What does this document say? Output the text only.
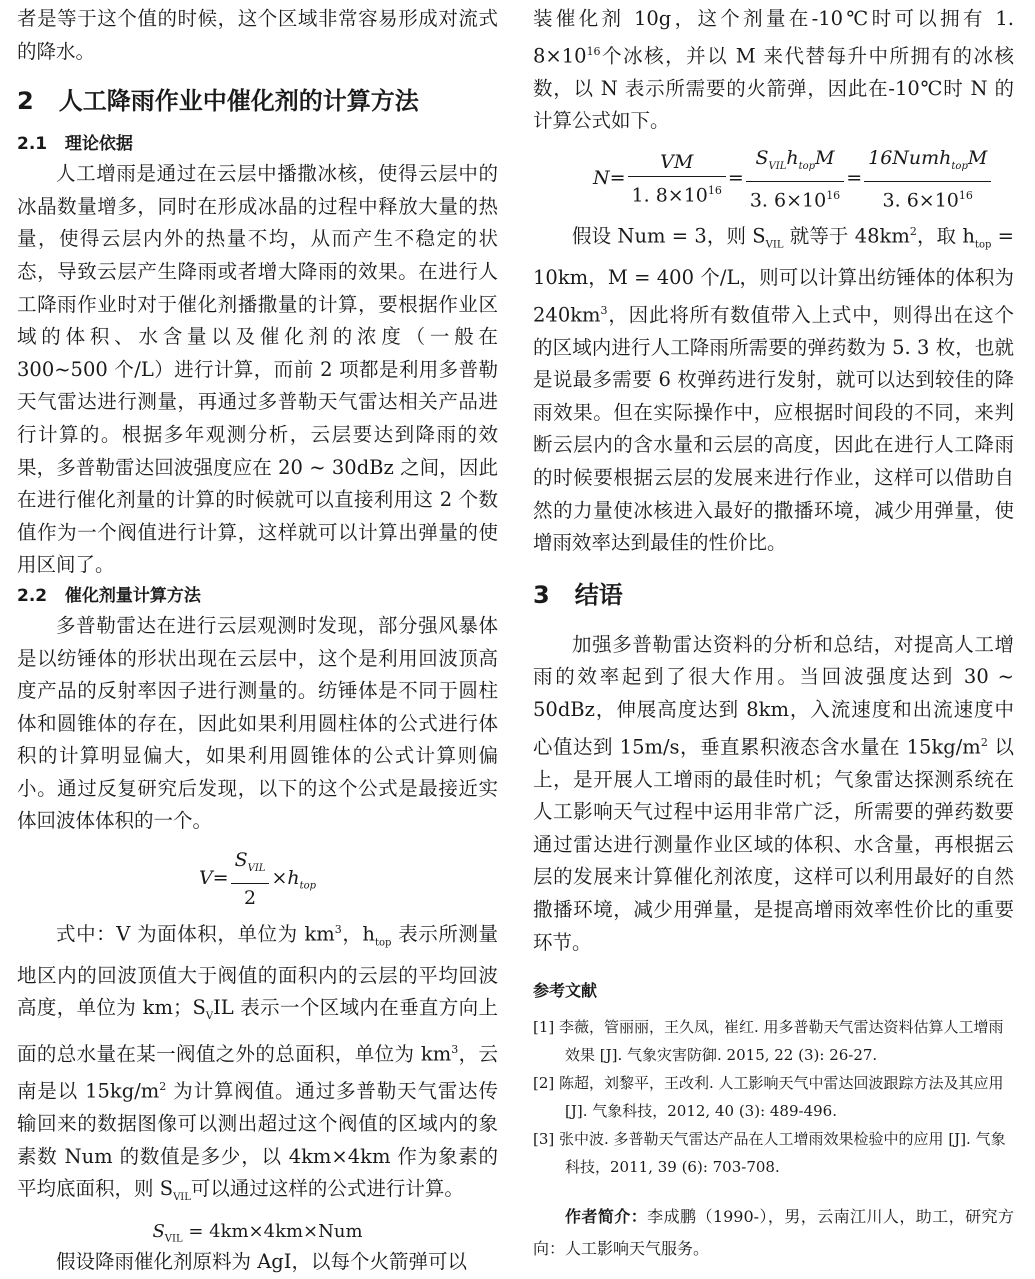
者是等于这个值的时候，这个区域非常容易形成对流式的降水。

2 人工降雨作业中催化剂的计算方法
2.1 理论依据

人工增雨是通过在云层中播撒冰核，使得云层中的冰晶数量增多，同时在形成冰晶的过程中释放大量的热量，使得云层内外的热量不均，从而产生不稳定的状态，导致云层产生降雨或者增大降雨的效果。在进行人工降雨作业时对于催化剂播撒量的计算，要根据作业区域的体积、水含量以及催化剂的浓度（一般在 300~500 个/L）进行计算，而前 2 项都是利用多普勒天气雷达进行测量，再通过多普勒天气雷达相关产品进行计算的。根据多年观测分析，云层要达到降雨的效果，多普勒雷达回波强度应在 20 ~ 30dBz 之间，因此在进行催化剂量的计算的时候就可以直接利用这 2 个数值作为一个阀值进行计算，这样就可以计算出弹量的使用区间了。

2.2 催化剂量计算方法

多普勒雷达在进行云层观测时发现，部分强风暴体是以纺锤体的形状出现在云层中，这个是利用回波顶高度产品的反射率因子进行测量的。纺锤体是不同于圆柱体和圆锥体的存在，因此如果利用圆柱体的公式进行体积的计算明显偏大，如果利用圆锥体的公式计算则偏小。通过反复研究后发现，以下的这个公式是最接近实体回波体体积的一个。

$V= \frac{S_{VIL}}{2} \times h_{top}$

式中：V 为面体积，单位为 $km^3$，$h_{top}$ 表示所测量地区内的回波顶值大于阀值的面积内的云层的平均回波高度，单位为 km；$S_VIL$ 表示一个区域内在垂直方向上面的总水量在某一阀值之外的总面积，单位为 $km^3$，云南是以 $15kg/m^2$ 为计算阀值。通过多普勒天气雷达传输回来的数据图像可以测出超过这个阀值的区域内的象素数 Num 的数值是多少，以 4km×4km 作为象素的平均底面积，则 $S_{VIL}$可以通过这样的公式进行计算。

$S_{VIL} = 4km\times 4km\times Num$

假设降雨催化剂原料为 AgI，以每个火箭弹可以

装催化剂 10g，这个剂量在-10℃时可以拥有 1. $8\times 10^{16}$个冰核，并以 M 来代替每升中所拥有的冰核数，以 N 表示所需要的火箭弹，因此在-10℃时 N 的计算公式如下。

$N= \frac{VM}{1. 8\times 10^{16}} = \frac{S_{VIL}h_{top}M}{3. 6\times 10^{16}} = \frac{16Numh_{top}M}{3. 6\times 10^{16}}$

假设 Num = 3，则 $S_{VIL}$ 就等于 $48km^2$，取 $h_{top} = 10km$，M = 400 个/L，则可以计算出纺锤体的体积为 $240km^3$，因此将所有数值带入上式中，则得出在这个的区域内进行人工降雨所需要的弹药数为 5. 3 枚，也就是说最多需要 6 枚弹药进行发射，就可以达到较佳的降雨效果。但在实际操作中，应根据时间段的不同，来判断云层内的含水量和云层的高度，因此在进行人工降雨的时候要根据云层的发展来进行作业，这样可以借助自然的力量使冰核进入最好的撒播环境，减少用弹量，使增雨效率达到最佳的性价比。

3 结语

加强多普勒雷达资料的分析和总结，对提高人工增雨的效率起到了很大作用。当回波强度达到 30 ~ 50dBz，伸展高度达到 8km，入流速度和出流速度中心值达到 15m/s，垂直累积液态含水量在 $15kg/m^2$ 以上，是开展人工增雨的最佳时机；气象雷达探测系统在人工影响天气过程中运用非常广泛，所需要的弹药数要通过雷达进行测量作业区域的体积、水含量，再根据云层的发展来计算催化剂浓度，这样可以利用最好的自然撒播环境，减少用弹量，是提高增雨效率性价比的重要环节。

参考文献

[1] 李薇，管丽丽，王久凤，崔红. 用多普勒天气雷达资料估算人工增雨效果 [J]. 气象灾害防御. 2015, 22 (3): 26-27.

[2] 陈超，刘黎平，王改利. 人工影响天气中雷达回波跟踪方法及其应用 [J]. 气象科技，2012, 40 (3): 489-496.

[3] 张中波. 多普勒天气雷达产品在人工增雨效果检验中的应用 [J]. 气象科技，2011, 39 (6): 703-708.

作者简介：李成鹏（1990-），男，云南江川人，助工，研究方向：人工影响天气服务。
